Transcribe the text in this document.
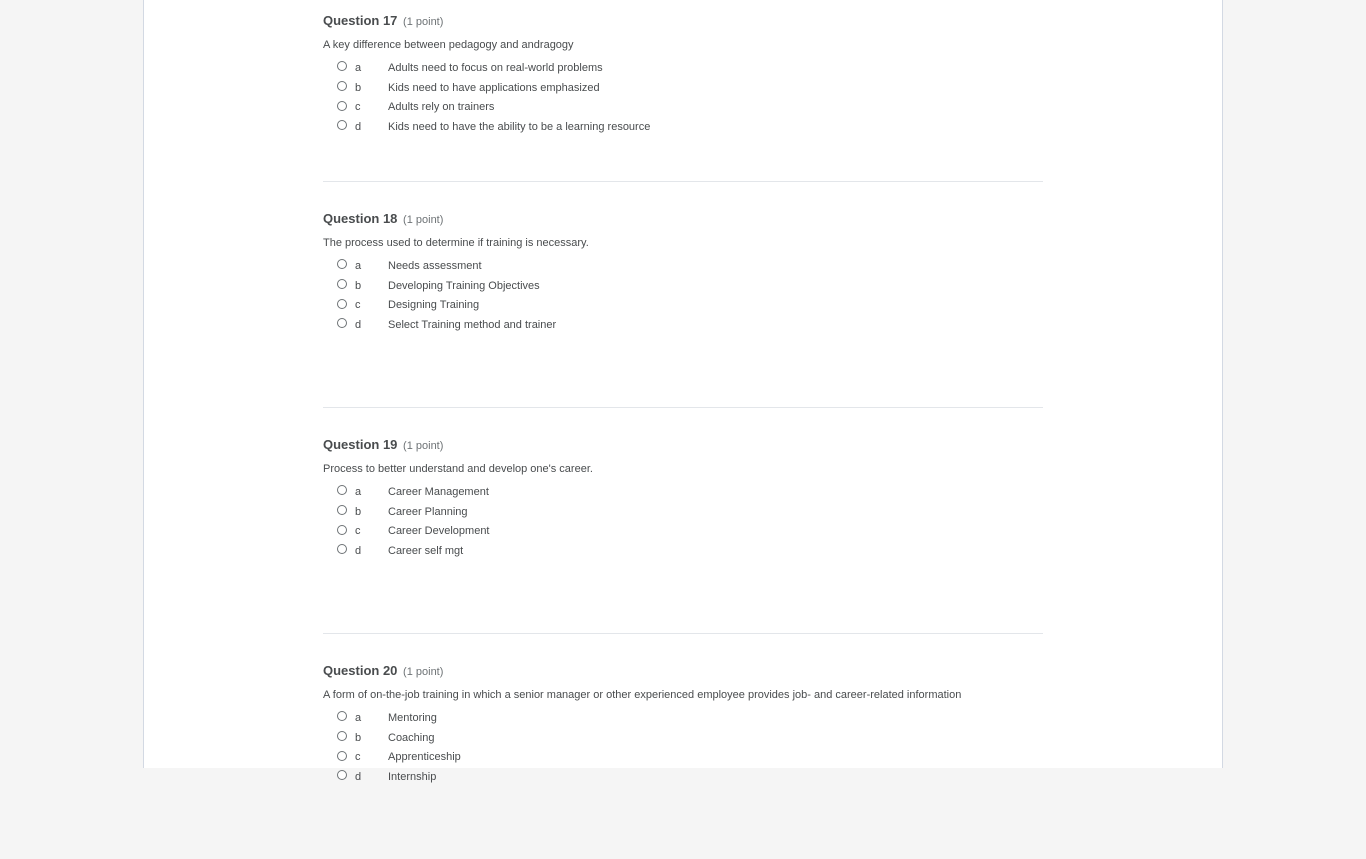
Question 17 (1 point)
A key difference between pedagogy and andragogy
a	Adults need to focus on real-world problems
b	Kids need to have applications emphasized
c	Adults rely on trainers
d	Kids need to have the ability to be a learning resource
Question 18 (1 point)
The process used to determine if training is necessary.
a	Needs assessment
b	Developing Training Objectives
c	Designing Training
d	Select Training method and trainer
Question 19 (1 point)
Process to better understand and develop one's career.
a	Career Management
b	Career Planning
c	Career Development
d	Career self mgt
Question 20 (1 point)
A form of on-the-job training in which a senior manager or other experienced employee provides job- and career-related information
a	Mentoring
b	Coaching
c	Apprenticeship
d	Internship
